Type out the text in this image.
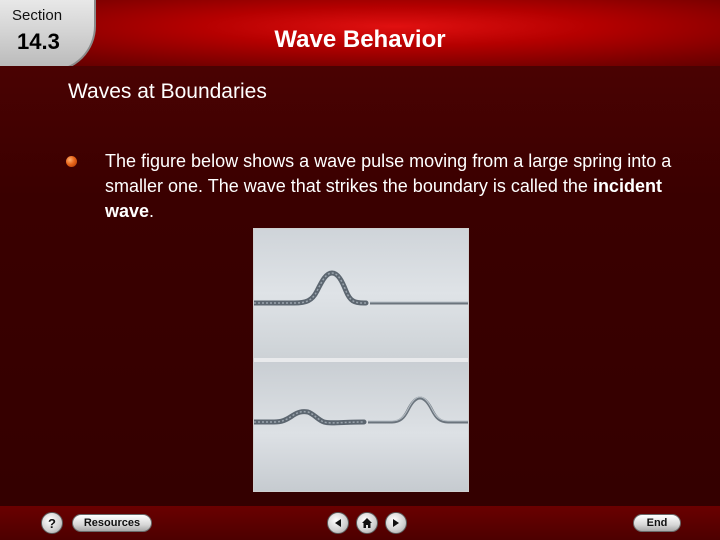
Section
14.3	Wave Behavior
Waves at Boundaries
The figure below shows a wave pulse moving from a large spring into a smaller one. The wave that strikes the boundary is called the incident wave.
?	Resources	End
